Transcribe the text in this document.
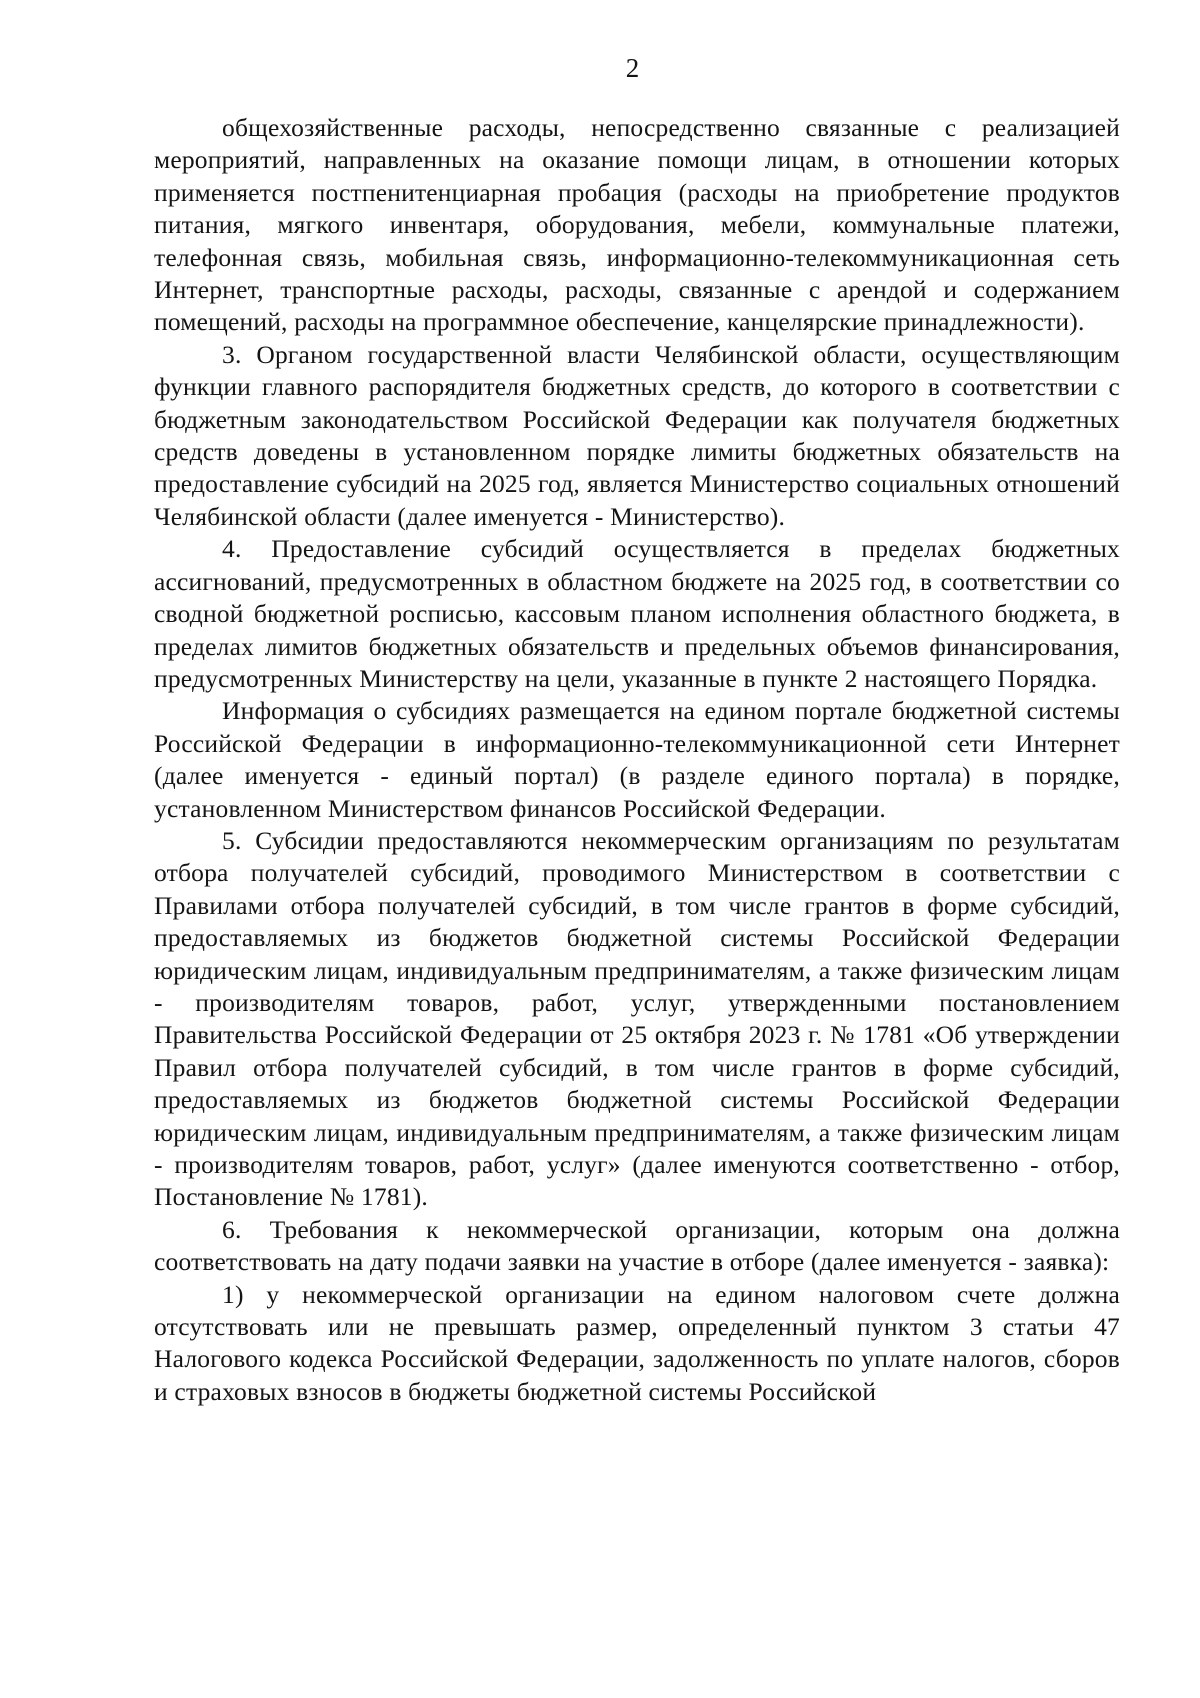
2

общехозяйственные расходы, непосредственно связанные с реализацией мероприятий, направленных на оказание помощи лицам, в отношении которых применяется постпенитенциарная пробация (расходы на приобретение продуктов питания, мягкого инвентаря, оборудования, мебели, коммунальные платежи, телефонная связь, мобильная связь, информационно-телекоммуникационная сеть Интернет, транспортные расходы, расходы, связанные с арендой и содержанием помещений, расходы на программное обеспечение, канцелярские принадлежности).

3. Органом государственной власти Челябинской области, осуществляющим функции главного распорядителя бюджетных средств, до которого в соответствии с бюджетным законодательством Российской Федерации как получателя бюджетных средств доведены в установленном порядке лимиты бюджетных обязательств на предоставление субсидий на 2025 год, является Министерство социальных отношений Челябинской области (далее именуется - Министерство).

4. Предоставление субсидий осуществляется в пределах бюджетных ассигнований, предусмотренных в областном бюджете на 2025 год, в соответствии со сводной бюджетной росписью, кассовым планом исполнения областного бюджета, в пределах лимитов бюджетных обязательств и предельных объемов финансирования, предусмотренных Министерству на цели, указанные в пункте 2 настоящего Порядка.

Информация о субсидиях размещается на едином портале бюджетной системы Российской Федерации в информационно-телекоммуникационной сети Интернет (далее именуется - единый портал) (в разделе единого портала) в порядке, установленном Министерством финансов Российской Федерации.

5. Субсидии предоставляются некоммерческим организациям по результатам отбора получателей субсидий, проводимого Министерством в соответствии с Правилами отбора получателей субсидий, в том числе грантов в форме субсидий, предоставляемых из бюджетов бюджетной системы Российской Федерации юридическим лицам, индивидуальным предпринимателям, а также физическим лицам - производителям товаров, работ, услуг, утвержденными постановлением Правительства Российской Федерации от 25 октября 2023 г. № 1781 «Об утверждении Правил отбора получателей субсидий, в том числе грантов в форме субсидий, предоставляемых из бюджетов бюджетной системы Российской Федерации юридическим лицам, индивидуальным предпринимателям, а также физическим лицам - производителям товаров, работ, услуг» (далее именуются соответственно - отбор, Постановление № 1781).

6. Требования к некоммерческой организации, которым она должна соответствовать на дату подачи заявки на участие в отборе (далее именуется - заявка):

1) у некоммерческой организации на едином налоговом счете должна отсутствовать или не превышать размер, определенный пунктом 3 статьи 47 Налогового кодекса Российской Федерации, задолженность по уплате налогов, сборов и страховых взносов в бюджеты бюджетной системы Российской
